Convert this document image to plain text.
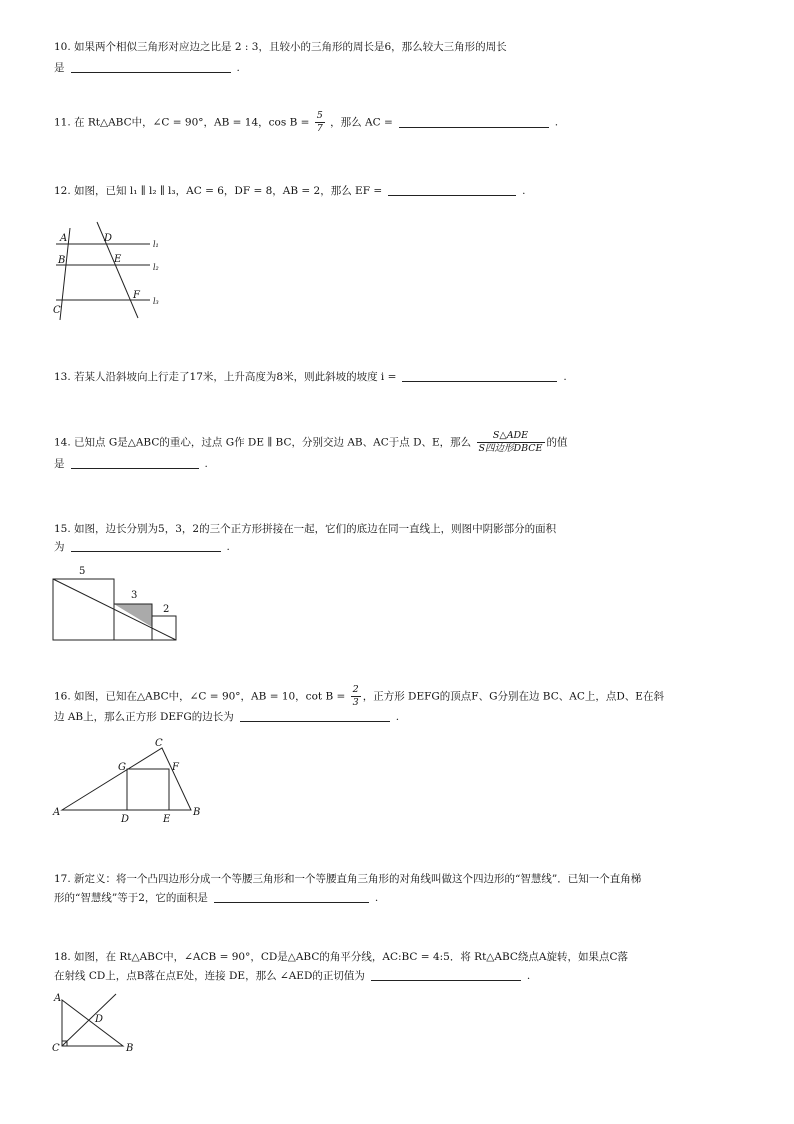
10. 如果两个相似三角形对应边之比是 2 : 3，且较小的三角形的周长是6，那么较大三角形的周长
是	.
11. 在 Rt△ABC中，∠C = 90°，AB = 14，$\cos B = \frac{5}{7}$ ，那么 AC =	.
12. 如图，已知 l₁ ∥ l₂ ∥ l₃，AC = 6，DF = 8，AB = 2，那么 EF =	.
A
B
C
D
E
F
l₁
l₂
l₃
13. 若某人沿斜坡向上行走了17米，上升高度为8米，则此斜坡的坡度 i =	.
14. 已知点 G是△ABC的重心，过点 G作 DE ∥ BC，分别交边 AB、AC于点 D、E，那么 $\frac{\text{S△ADE}}{\text{S四边形DBCE}}$ 的值
是	.
15. 如图，边长分别为5，3，2的三个正方形拼接在一起，它们的底边在同一直线上，则图中阴影部分的面积
为	.
5
3
2
16. 如图，已知在△ABC中，∠C = 90°，AB = 10，$\cot B = \frac{2}{3}$ ，正方形 DEFG的顶点F、G分别在边 BC、AC上，点D、E在斜
边 AB上，那么正方形 DEFG的边长为	.
A	B
C
D	E
F
G
17. 新定义：将一个凸四边形分成一个等腰三角形和一个等腰直角三角形的对角线叫做这个四边形的“智慧线”．已知一个直角梯
形的“智慧线”等于2，它的面积是	.
18. 如图，在 Rt△ABC中，∠ACB = 90°，CD是△ABC的角平分线，AC:BC = 4:5．将 Rt△ABC绕点A旋转，如果点C落
在射线 CD上，点B落在点E处，连接 DE，那么 ∠AED的正切值为	.
A
B
C
D
